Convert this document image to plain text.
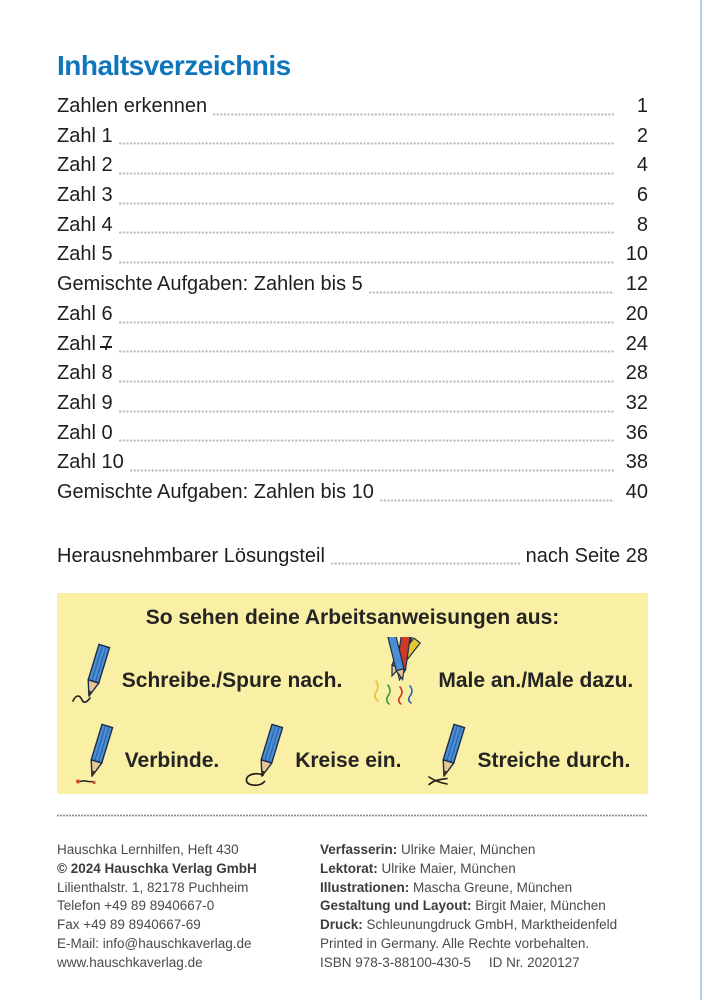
Inhaltsverzeichnis
Zahlen erkennen	1
Zahl 1	2
Zahl 2	4
Zahl 3	6
Zahl 4	8
Zahl 5	10
Gemischte Aufgaben: Zahlen bis 5	12
Zahl 6	20
Zahl 7	24
Zahl 8	28
Zahl 9	32
Zahl 0	36
Zahl 10	38
Gemischte Aufgaben: Zahlen bis 10	40
Herausnehmbarer Lösungsteil	nach Seite 28
So sehen deine Arbeitsanweisungen aus:
Schreibe./Spure nach.	Male an./Male dazu.
Verbinde.	Kreise ein.	Streiche durch.
Hauschka Lernhilfen, Heft 430
© 2024 Hauschka Verlag GmbH
Lilienthalstr. 1, 82178 Puchheim
Telefon +49 89 8940667-0
Fax +49 89 8940667-69
E-Mail: info@hauschkaverlag.de
www.hauschkaverlag.de
Verfasserin: Ulrike Maier, München
Lektorat: Ulrike Maier, München
Illustrationen: Mascha Greune, München
Gestaltung und Layout: Birgit Maier, München
Druck: Schleunungdruck GmbH, Marktheidenfeld
Printed in Germany. Alle Rechte vorbehalten.
ISBN 978-3-88100-430-5 ID Nr. 2020127
